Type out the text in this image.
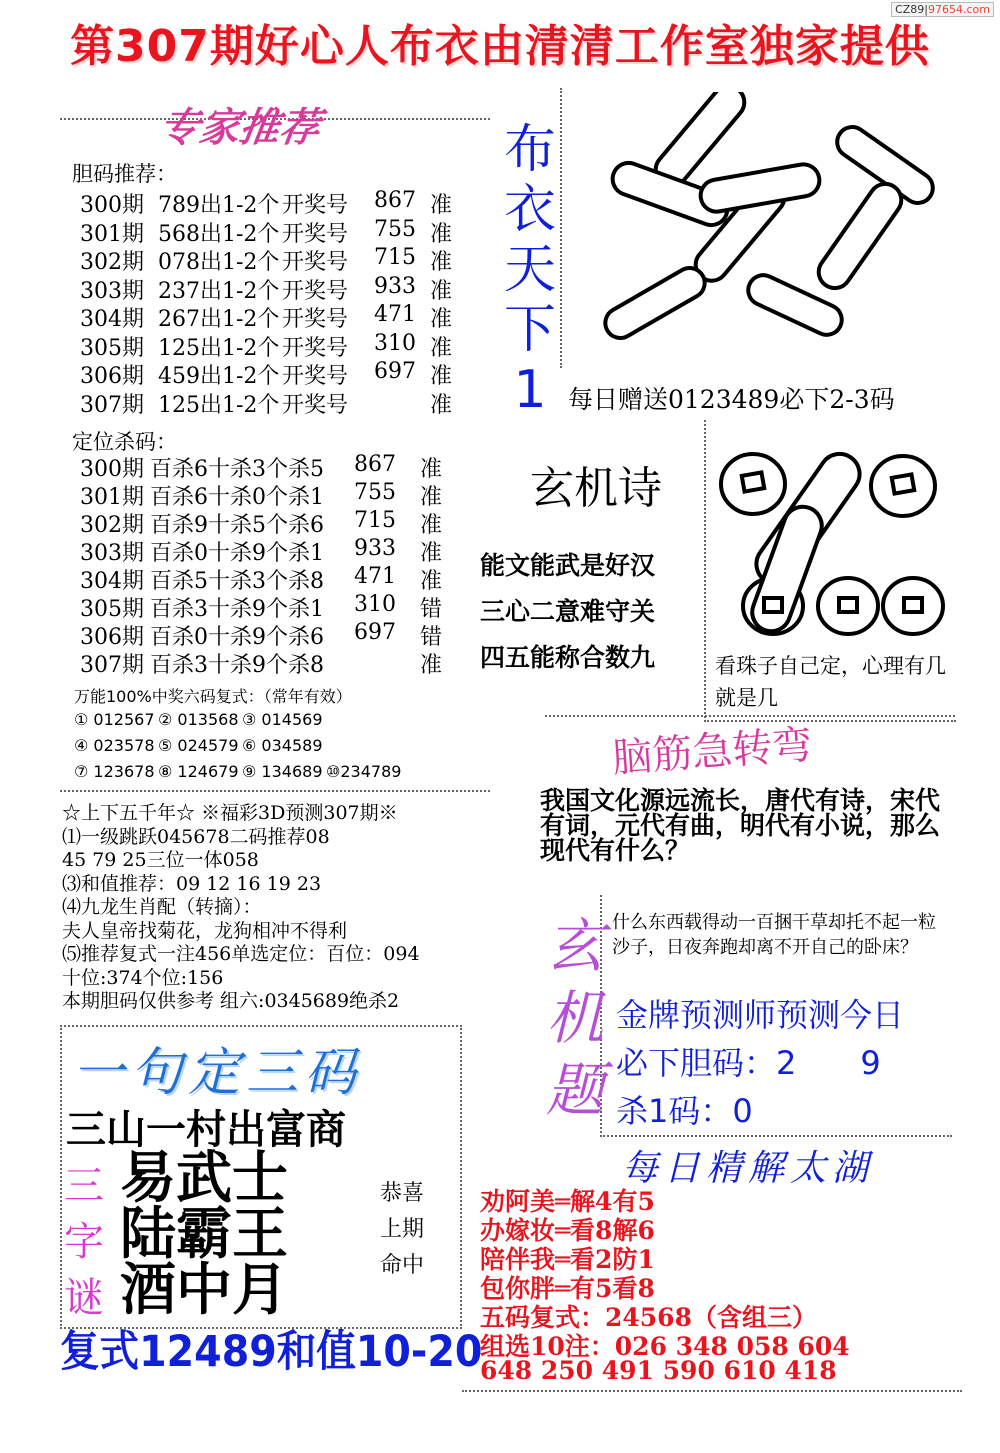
第307期好心人布衣由清清工作室独家提供
CZ89|97654.com
专家推荐
胆码推荐：
300期 789出1-2个 开奖号 867 准
301期 568出1-2个 开奖号 755 准
302期 078出1-2个 开奖号 715 准
303期 237出1-2个 开奖号 933 准
304期 267出1-2个 开奖号 471 准
305期 125出1-2个 开奖号 310 准
306期 459出1-2个 开奖号 697 准
307期 125出1-2个 开奖号	准
定位杀码：
300期 百杀6十杀3个杀5 867 准
301期 百杀6十杀0个杀1 755 准
302期 百杀9十杀5个杀6 715 准
303期 百杀0十杀9个杀1 933 准
304期 百杀5十杀3个杀8 471 准
305期 百杀3十杀9个杀1 310 错
306期 百杀0十杀9个杀6 697 错
307期 百杀3十杀9个杀8	准
万能100%中奖六码复式：（常年有效）
① 012567 ② 013568 ③ 014569
④ 023578 ⑤ 024579 ⑥ 034589
⑦ 123678 ⑧ 124679 ⑨ 134689 ⑩234789
☆上下五千年☆ ※福彩3D预测307期※
⑴一级跳跃045678二码推荐08
45 79 25三位一体058
⑶和值推荐：09 12 16 19 23
⑷九龙生肖配（转摘）：
夫人皇帝找菊花，龙狗相冲不得利
⑸推荐复式一注456单选定位：百位：094
十位:374个位:156
本期胆码仅供参考 组六:0345689绝杀2
布
衣
天
下
1 每日赠送0123489必下2-3码
玄机诗
能文能武是好汉
三心二意难守关
四五能称合数九	看珠子自己定，心理有几就是几
脑筋急转弯
我国文化源远流长，唐代有诗，宋代有词，元代有曲，明代有小说，那么现代有什么？
玄
机
题
什么东西载得动一百捆干草却托不起一粒沙子，日夜奔跑却离不开自己的卧床？
金牌预测师预测今日
必下胆码：2　　9
杀1码：0
每日精解太湖
劝阿美═解4有5
办嫁妆═看8解6
陪伴我═看2防1
包你胖═有5看8
五码复式：24568（含组三）
组选10注：026 348 058 604
648 250 491 590 610 418
一句定三码
三山一村出富商
三
字
谜
易武士
陆霸王
酒中月
恭喜
上期
命中
复式12489和值10-20
